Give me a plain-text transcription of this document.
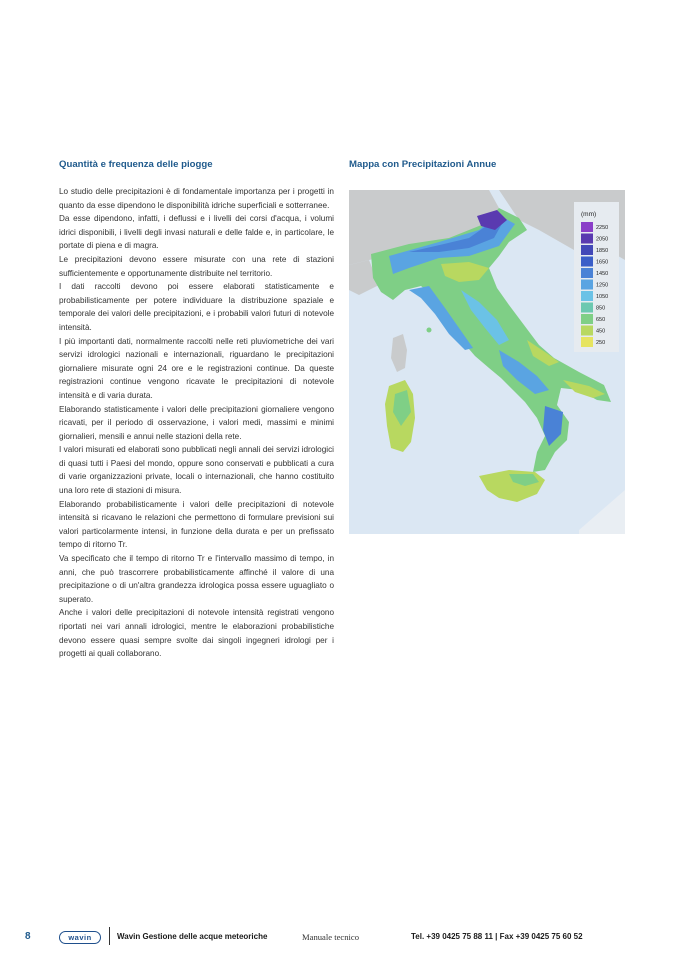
Quantità e frequenza delle piogge	Mappa con Precipitazioni Annue

Lo studio delle precipitazioni è di fondamentale importanza per i progetti in quanto da esse dipendono le disponibilità idriche superficiali e sotterranee.

Da esse dipendono, infatti, i deflussi e i livelli dei corsi d'acqua, i volumi idrici disponibili, i livelli degli invasi naturali e delle falde e, in particolare, le portate di piena e di magra.

Le precipitazioni devono essere misurate con una rete di stazioni sufficientemente e opportunamente distribuite nel territorio.

I dati raccolti devono poi essere elaborati statisticamente e probabilisticamente per potere individuare la distribuzione spaziale e temporale dei valori delle precipitazioni, e i probabili valori futuri di notevole intensità.

I più importanti dati, normalmente raccolti nelle reti pluviometriche dei vari servizi idrologici nazionali e internazionali, riguardano le precipitazioni giornaliere misurate ogni 24 ore e le registrazioni continue. Da queste registrazioni continue vengono ricavate le precipitazioni di notevole intensità e di varia durata.

Elaborando statisticamente i valori delle precipitazioni giornaliere vengono ricavati, per il periodo di osservazione, i valori medi, massimi e minimi giornalieri, mensili e annui nelle stazioni della rete.

I valori misurati ed elaborati sono pubblicati negli annali dei servizi idrologici di quasi tutti i Paesi del mondo, oppure sono conservati e pubblicati a cura di varie organizzazioni private, locali o internazionali, che hanno costituito una loro rete di stazioni di misura.

Elaborando probabilisticamente i valori delle precipitazioni di notevole intensità si ricavano le relazioni che permettono di formulare previsioni sui valori particolarmente intensi, in funzione della durata e per un prefissato tempo di ritorno Tr.

Va specificato che il tempo di ritorno Tr e l'intervallo massimo di tempo, in anni, che può trascorrere probabilisticamente affinché il valore di una precipitazione o di un'altra grandezza idrologica possa essere uguagliato o superato.

Anche i valori delle precipitazioni di notevole intensità registrati vengono riportati nei vari annali idrologici, mentre le elaborazioni probabilistiche devono essere quasi sempre svolte dai singoli ingegneri idrologi per i progetti ai quali collaborano.

(mm)
2250
2050
1850
1650
1450
1250
1050
850
650
450
250
8	wavin	Wavin Gestione delle acque meteoriche	Manuale tecnico	Tel. +39 0425 75 88 11 | Fax +39 0425 75 60 52
